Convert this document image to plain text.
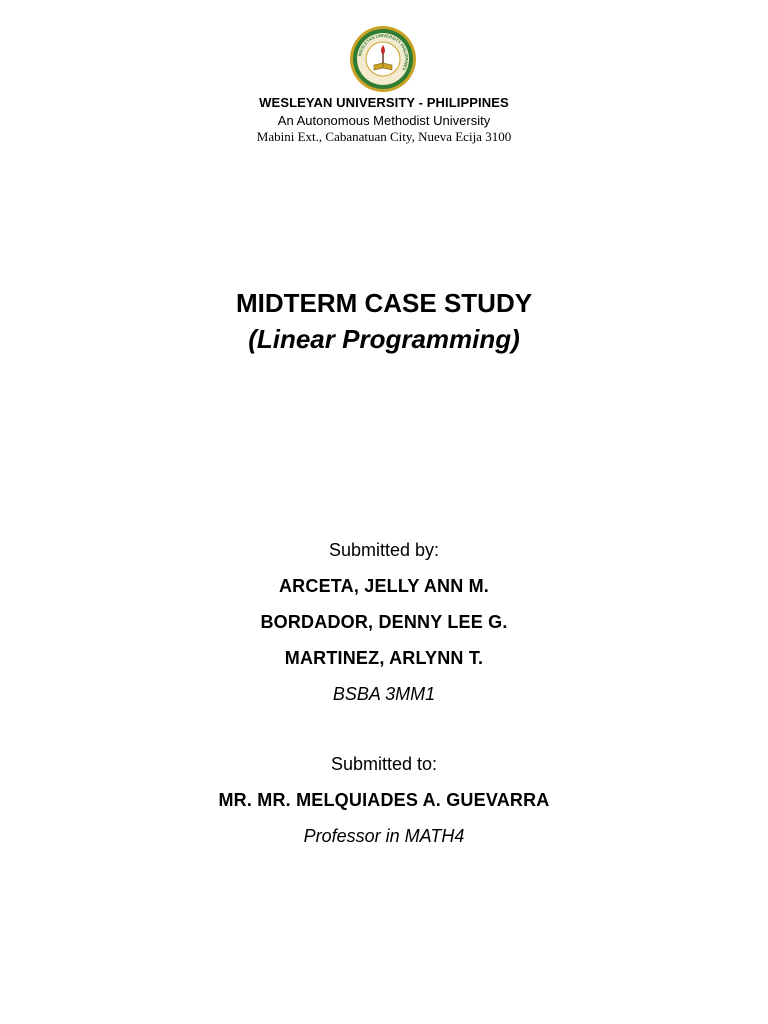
WESLEYAN UNIVERSITY PHILIPPINES
WESLEYAN UNIVERSITY - PHILIPPINES
An Autonomous Methodist University
Mabini Ext., Cabanatuan City, Nueva Ecija 3100
MIDTERM CASE STUDY
(Linear Programming)
Submitted by:
ARCETA, JELLY ANN M.
BORDADOR, DENNY LEE G.
MARTINEZ, ARLYNN T.
BSBA 3MM1
Submitted to:
MR. MR. MELQUIADES A. GUEVARRA
Professor in MATH4
